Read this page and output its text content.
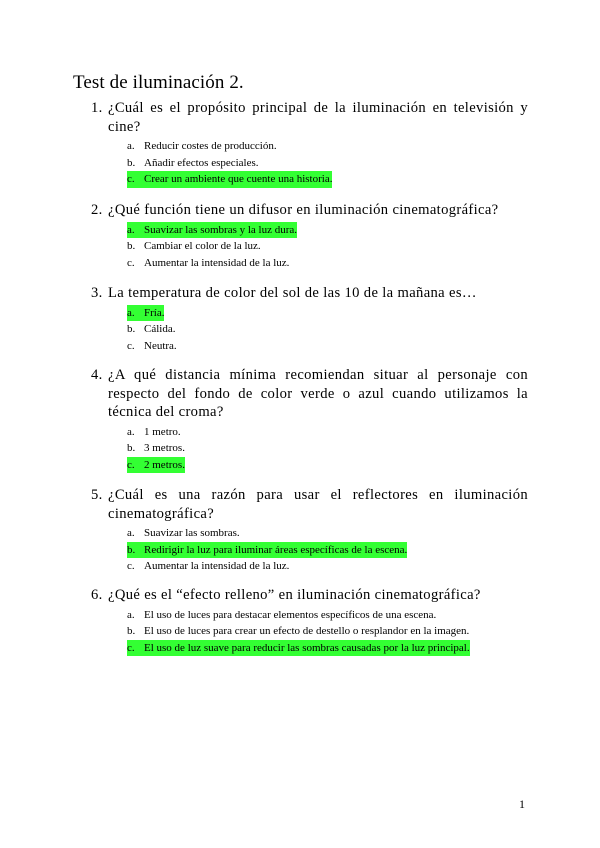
Test de iluminación 2.
1. ¿Cuál es el propósito principal de la iluminación en televisión y cine?
a. Reducir costes de producción.
b. Añadir efectos especiales.
c. Crear un ambiente que cuente una historia.
2. ¿Qué función tiene un difusor en iluminación cinematográfica?
a. Suavizar las sombras y la luz dura.
b. Cambiar el color de la luz.
c. Aumentar la intensidad de la luz.
3. La temperatura de color del sol de las 10 de la mañana es…
a. Fría.
b. Cálida.
c. Neutra.
4. ¿A qué distancia mínima recomiendan situar al personaje con respecto del fondo de color verde o azul cuando utilizamos la técnica del croma?
a. 1 metro.
b. 3 metros.
c. 2 metros.
5. ¿Cuál es una razón para usar el reflectores en iluminación cinematográfica?
a. Suavizar las sombras.
b. Redirigir la luz para iluminar áreas específicas de la escena.
c. Aumentar la intensidad de la luz.
6. ¿Qué es el “efecto relleno” en iluminación cinematográfica?
a. El uso de luces para destacar elementos específicos de una escena.
b. El uso de luces para crear un efecto de destello o resplandor en la imagen.
c. El uso de luz suave para reducir las sombras causadas por la luz principal.
1
